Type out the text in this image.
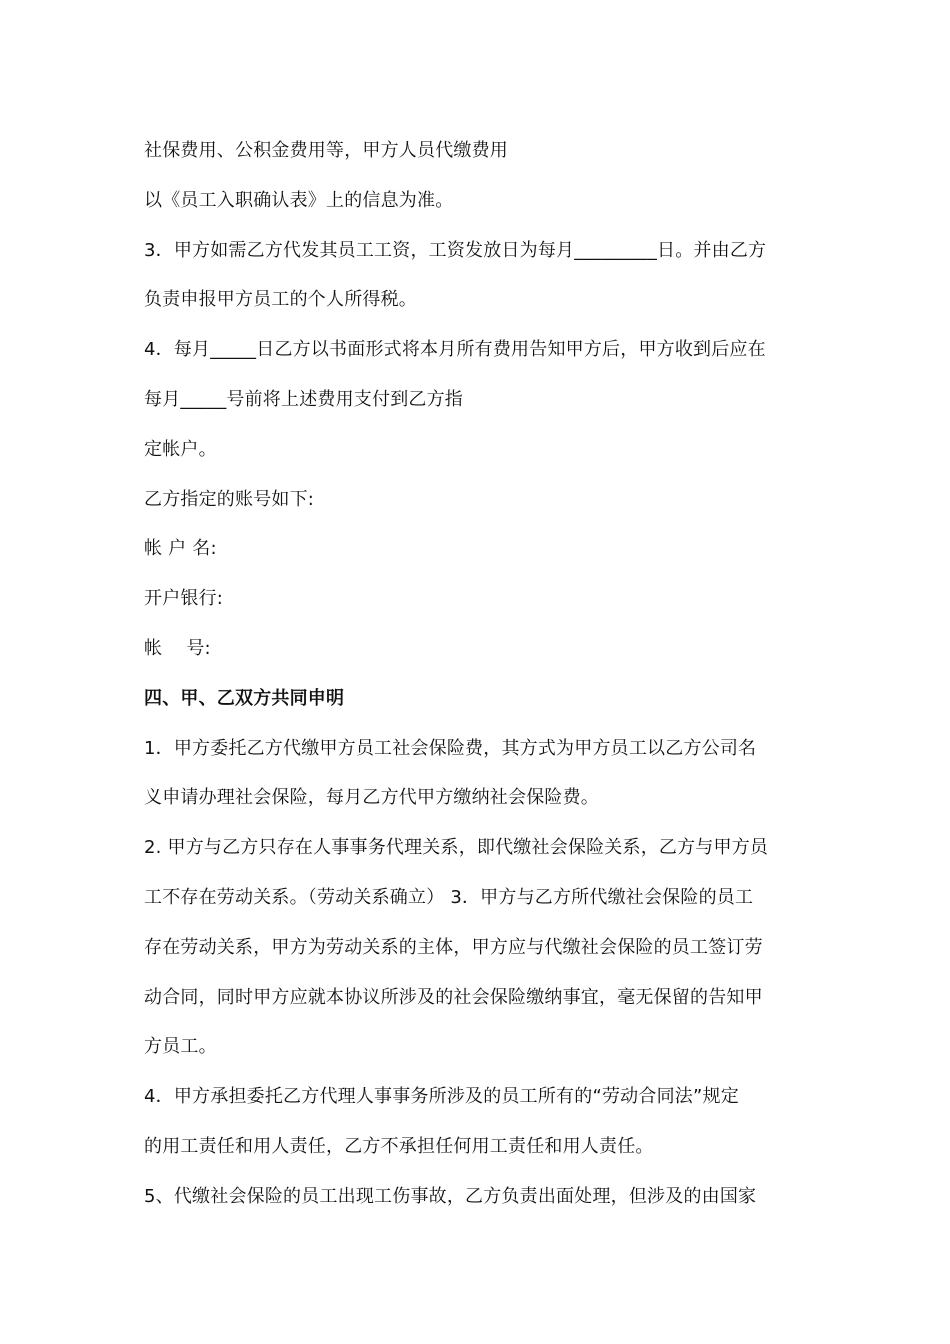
社保费用、公积金费用等，甲方人员代缴费用
以《员工入职确认表》上的信息为准。
3．甲方如需乙方代发其员工工资，工资发放日为每月_________日。并由乙方
负责申报甲方员工的个人所得税。
4．每月_____日乙方以书面形式将本月所有费用告知甲方后，甲方收到后应在
每月_____号前将上述费用支付到乙方指
定帐户。
乙方指定的账号如下:
帐 户 名:
开户银行:
帐　 号:
四、甲、乙双方共同申明
1．甲方委托乙方代缴甲方员工社会保险费，其方式为甲方员工以乙方公司名
义申请办理社会保险，每月乙方代甲方缴纳社会保险费。
2. 甲方与乙方只存在人事事务代理关系，即代缴社会保险关系，乙方与甲方员
工不存在劳动关系。（劳动关系确立） 3．甲方与乙方所代缴社会保险的员工
存在劳动关系，甲方为劳动关系的主体，甲方应与代缴社会保险的员工签订劳
动合同，同时甲方应就本协议所涉及的社会保险缴纳事宜，毫无保留的告知甲
方员工。
4．甲方承担委托乙方代理人事事务所涉及的员工所有的“劳动合同法”规定
的用工责任和用人责任，乙方不承担任何用工责任和用人责任。
5、代缴社会保险的员工出现工伤事故，乙方负责出面处理，但涉及的由国家
